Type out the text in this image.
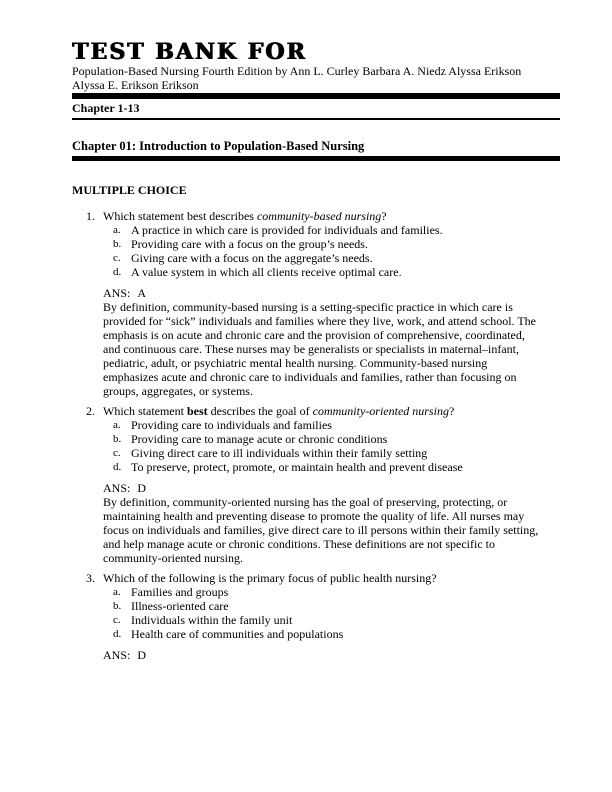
TEST BANK FOR
Population-Based Nursing Fourth Edition by Ann L. Curley Barbara A. Niedz Alyssa Erikson
Alyssa E. Erikson Erikson
Chapter 1-13
Chapter 01: Introduction to Population-Based Nursing
MULTIPLE CHOICE
1. Which statement best describes community-based nursing?
a. A practice in which care is provided for individuals and families.
b. Providing care with a focus on the group’s needs.
c. Giving care with a focus on the aggregate’s needs.
d. A value system in which all clients receive optimal care.
ANS: A

By definition, community-based nursing is a setting-specific practice in which care is provided for “sick” individuals and families where they live, work, and attend school. The emphasis is on acute and chronic care and the provision of comprehensive, coordinated, and continuous care. These nurses may be generalists or specialists in maternal–infant, pediatric, adult, or psychiatric mental health nursing. Community-based nursing emphasizes acute and chronic care to individuals and families, rather than focusing on groups, aggregates, or systems.

2. Which statement best describes the goal of community-oriented nursing?
a. Providing care to individuals and families
b. Providing care to manage acute or chronic conditions
c. Giving direct care to ill individuals within their family setting
d. To preserve, protect, promote, or maintain health and prevent disease
ANS: D

By definition, community-oriented nursing has the goal of preserving, protecting, or maintaining health and preventing disease to promote the quality of life. All nurses may focus on individuals and families, give direct care to ill persons within their family setting, and help manage acute or chronic conditions. These definitions are not specific to community-oriented nursing.

3. Which of the following is the primary focus of public health nursing?
a. Families and groups
b. Illness-oriented care
c. Individuals within the family unit
d. Health care of communities and populations
ANS: D
